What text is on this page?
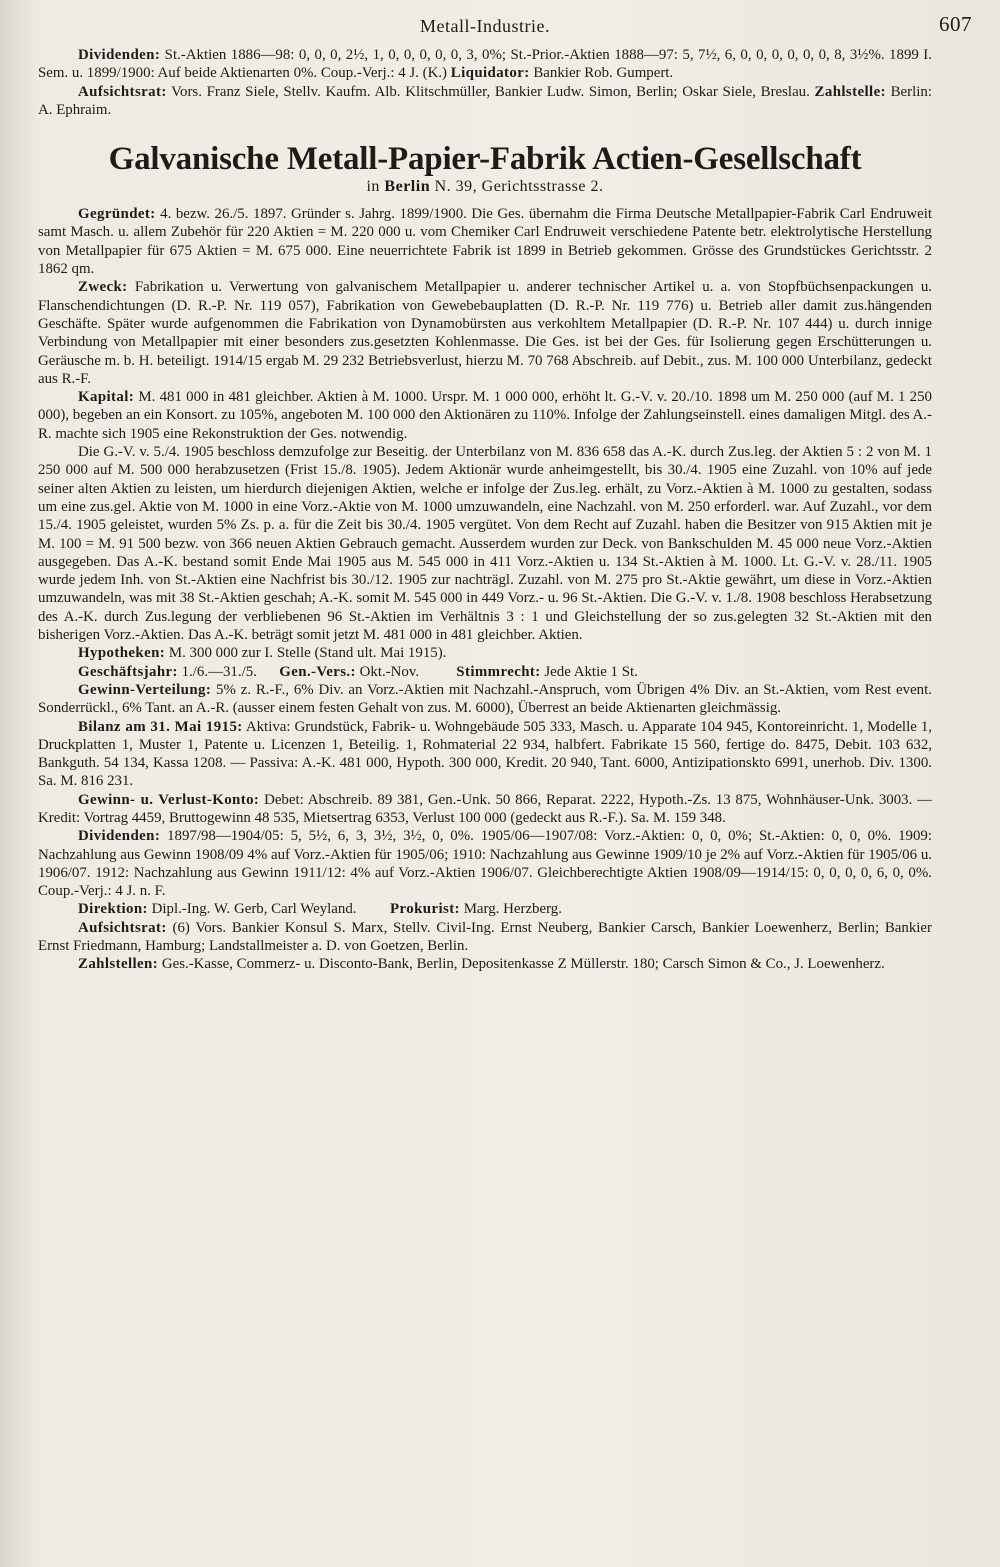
Metall-Industrie.	607

Dividenden: St.-Aktien 1886—98: 0, 0, 0, 2½, 1, 0, 0, 0, 0, 0, 3, 0%; St.-Prior.-Aktien 1888—97: 5, 7½, 6, 0, 0, 0, 0, 0, 0, 8, 3½%. 1899 I. Sem. u. 1899/1900: Auf beide Aktienarten 0%. Coup.-Verj.: 4 J. (K.) Liquidator: Bankier Rob. Gumpert.

Aufsichtsrat: Vors. Franz Siele, Stellv. Kaufm. Alb. Klitschmüller, Bankier Ludw. Simon, Berlin; Oskar Siele, Breslau. Zahlstelle: Berlin: A. Ephraim.

Galvanische Metall-Papier-Fabrik Actien-Gesellschaft
in Berlin N. 39, Gerichtsstrasse 2.

Gegründet: 4. bezw. 26./5. 1897. Gründer s. Jahrg. 1899/1900. Die Ges. übernahm die Firma Deutsche Metallpapier-Fabrik Carl Endruweit samt Masch. u. allem Zubehör für 220 Aktien = M. 220 000 u. vom Chemiker Carl Endruweit verschiedene Patente betr. elektrolytische Herstellung von Metallpapier für 675 Aktien = M. 675 000. Eine neuerrichtete Fabrik ist 1899 in Betrieb gekommen. Grösse des Grundstückes Gerichtsstr. 2 1862 qm.

Zweck: Fabrikation u. Verwertung von galvanischem Metallpapier u. anderer technischer Artikel u. a. von Stopfbüchsenpackungen u. Flanschendichtungen (D. R.-P. Nr. 119 057), Fabrikation von Gewebebauplatten (D. R.-P. Nr. 119 776) u. Betrieb aller damit zus.hängenden Geschäfte. Später wurde aufgenommen die Fabrikation von Dynamobürsten aus verkohltem Metallpapier (D. R.-P. Nr. 107 444) u. durch innige Verbindung von Metallpapier mit einer besonders zus.gesetzten Kohlenmasse. Die Ges. ist bei der Ges. für Isolierung gegen Erschütterungen u. Geräusche m. b. H. beteiligt. 1914/15 ergab M. 29 232 Betriebsverlust, hierzu M. 70 768 Abschreib. auf Debit., zus. M. 100 000 Unterbilanz, gedeckt aus R.-F.

Kapital: M. 481 000 in 481 gleichber. Aktien à M. 1000. Urspr. M. 1 000 000, erhöht lt. G.-V. v. 20./10. 1898 um M. 250 000 (auf M. 1 250 000), begeben an ein Konsort. zu 105%, angeboten M. 100 000 den Aktionären zu 110%. Infolge der Zahlungseinstell. eines damaligen Mitgl. des A.-R. machte sich 1905 eine Rekonstruktion der Ges. notwendig.

Die G.-V. v. 5./4. 1905 beschloss demzufolge zur Beseitig. der Unterbilanz von M. 836 658 das A.-K. durch Zus.leg. der Aktien 5 : 2 von M. 1 250 000 auf M. 500 000 herabzusetzen (Frist 15./8. 1905). Jedem Aktionär wurde anheimgestellt, bis 30./4. 1905 eine Zuzahl. von 10% auf jede seiner alten Aktien zu leisten, um hierdurch diejenigen Aktien, welche er infolge der Zus.leg. erhält, zu Vorz.-Aktien à M. 1000 zu gestalten, sodass um eine zus.gel. Aktie von M. 1000 in eine Vorz.-Aktie von M. 1000 umzuwandeln, eine Nachzahl. von M. 250 erforderl. war. Auf Zuzahl., vor dem 15./4. 1905 geleistet, wurden 5% Zs. p. a. für die Zeit bis 30./4. 1905 vergütet. Von dem Recht auf Zuzahl. haben die Besitzer von 915 Aktien mit je M. 100 = M. 91 500 bezw. von 366 neuen Aktien Gebrauch gemacht. Ausserdem wurden zur Deck. von Bankschulden M. 45 000 neue Vorz.-Aktien ausgegeben. Das A.-K. bestand somit Ende Mai 1905 aus M. 545 000 in 411 Vorz.-Aktien u. 134 St.-Aktien à M. 1000. Lt. G.-V. v. 28./11. 1905 wurde jedem Inh. von St.-Aktien eine Nachfrist bis 30./12. 1905 zur nachträgl. Zuzahl. von M. 275 pro St.-Aktie gewährt, um diese in Vorz.-Aktien umzuwandeln, was mit 38 St.-Aktien geschah; A.-K. somit M. 545 000 in 449 Vorz.- u. 96 St.-Aktien. Die G.-V. v. 1./8. 1908 beschloss Herabsetzung des A.-K. durch Zus.legung der verbliebenen 96 St.-Aktien im Verhältnis 3 : 1 und Gleichstellung der so zus.gelegten 32 St.-Aktien mit den bisherigen Vorz.-Aktien. Das A.-K. beträgt somit jetzt M. 481 000 in 481 gleichber. Aktien.

Hypotheken: M. 300 000 zur I. Stelle (Stand ult. Mai 1915).

Geschäftsjahr: 1./6.—31./5. Gen.-Vers.: Okt.-Nov. Stimmrecht: Jede Aktie 1 St.

Gewinn-Verteilung: 5% z. R.-F., 6% Div. an Vorz.-Aktien mit Nachzahl.-Anspruch, vom Übrigen 4% Div. an St.-Aktien, vom Rest event. Sonderrückl., 6% Tant. an A.-R. (ausser einem festen Gehalt von zus. M. 6000), Überrest an beide Aktienarten gleichmässig.

Bilanz am 31. Mai 1915: Aktiva: Grundstück, Fabrik- u. Wohngebäude 505 333, Masch. u. Apparate 104 945, Kontoreinricht. 1, Modelle 1, Druckplatten 1, Muster 1, Patente u. Licenzen 1, Beteilig. 1, Rohmaterial 22 934, halbfert. Fabrikate 15 560, fertige do. 8475, Debit. 103 632, Bankguth. 54 134, Kassa 1208. — Passiva: A.-K. 481 000, Hypoth. 300 000, Kredit. 20 940, Tant. 6000, Antizipationskto 6991, unerhob. Div. 1300. Sa. M. 816 231.

Gewinn- u. Verlust-Konto: Debet: Abschreib. 89 381, Gen.-Unk. 50 866, Reparat. 2222, Hypoth.-Zs. 13 875, Wohnhäuser-Unk. 3003. — Kredit: Vortrag 4459, Bruttogewinn 48 535, Mietsertrag 6353, Verlust 100 000 (gedeckt aus R.-F.). Sa. M. 159 348.

Dividenden: 1897/98—1904/05: 5, 5½, 6, 3, 3½, 3½, 0, 0%. 1905/06—1907/08: Vorz.-Aktien: 0, 0, 0%; St.-Aktien: 0, 0, 0%. 1909: Nachzahlung aus Gewinn 1908/09 4% auf Vorz.-Aktien für 1905/06; 1910: Nachzahlung aus Gewinne 1909/10 je 2% auf Vorz.-Aktien für 1905/06 u. 1906/07. 1912: Nachzahlung aus Gewinn 1911/12: 4% auf Vorz.-Aktien 1906/07. Gleichberechtigte Aktien 1908/09—1914/15: 0, 0, 0, 0, 6, 0, 0%. Coup.-Verj.: 4 J. n. F.

Direktion: Dipl.-Ing. W. Gerb, Carl Weyland. Prokurist: Marg. Herzberg.

Aufsichtsrat: (6) Vors. Bankier Konsul S. Marx, Stellv. Civil-Ing. Ernst Neuberg, Bankier Carsch, Bankier Loewenherz, Berlin; Bankier Ernst Friedmann, Hamburg; Landstallmeister a. D. von Goetzen, Berlin.

Zahlstellen: Ges.-Kasse, Commerz- u. Disconto-Bank, Berlin, Depositenkasse Z Müllerstr. 180; Carsch Simon & Co., J. Loewenherz.
